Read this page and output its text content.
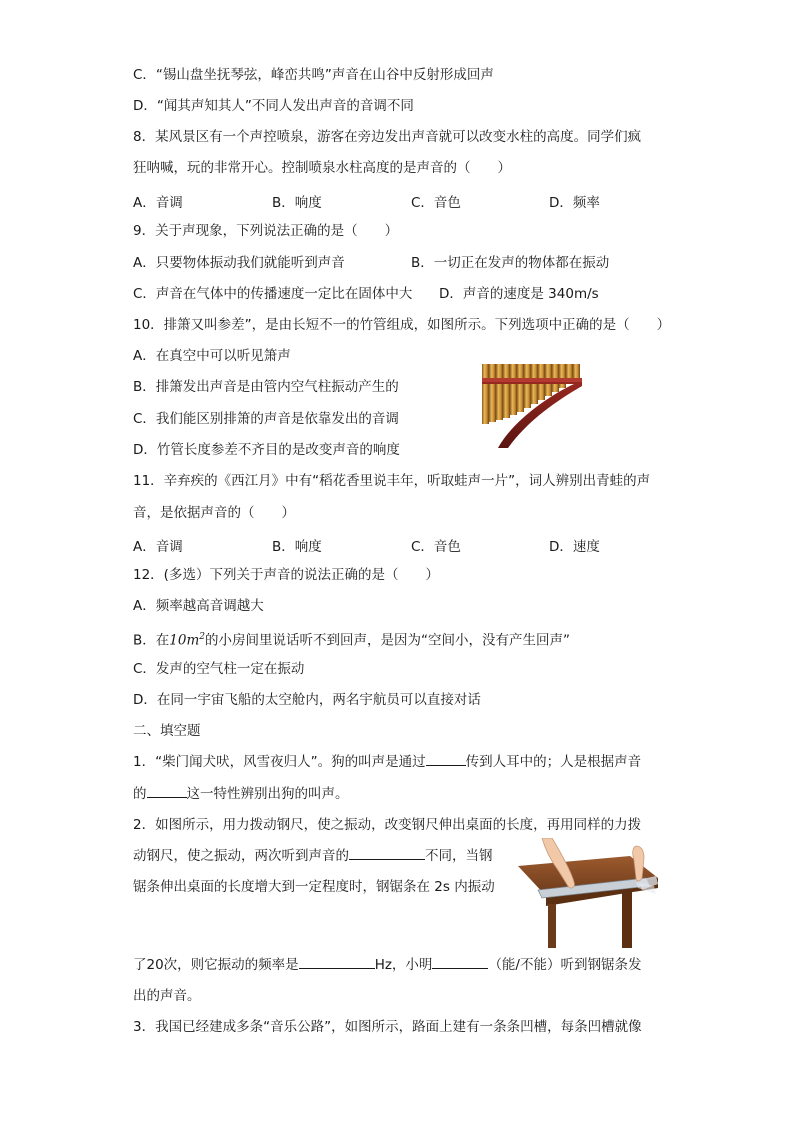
C．“锡山盘坐抚琴弦，峰峦共鸣”声音在山谷中反射形成回声
D．“闻其声知其人”不同人发出声音的音调不同
8．某风景区有一个声控喷泉，游客在旁边发出声音就可以改变水柱的高度。同学们疯
狂呐喊，玩的非常开心。控制喷泉水柱高度的是声音的（　　）
A．音调	B．响度	C．音色	D．频率
9．关于声现象，下列说法正确的是（　　）
A．只要物体振动我们就能听到声音	B．一切正在发声的物体都在振动
C．声音在气体中的传播速度一定比在固体中大 D．声音的速度是 340m/s
10．排箫又叫参差”，是由长短不一的竹管组成，如图所示。下列选项中正确的是（　　）
A．在真空中可以听见箫声
B．排箫发出声音是由管内空气柱振动产生的
C．我们能区别排箫的声音是依靠发出的音调
D．竹管长度参差不齐目的是改变声音的响度
11．辛弃疾的《西江月》中有“稻花香里说丰年，听取蛙声一片”，词人辨别出青蛙的声
音，是依据声音的（　　）
A．音调	B．响度	C．音色	D．速度
12．(多选）下列关于声音的说法正确的是（　　）
A．频率越高音调越大
B．在$10m^2$的小房间里说话听不到回声，是因为“空间小，没有产生回声”
C．发声的空气柱一定在振动
D．在同一宇宙飞船的太空舱内，两名宇航员可以直接对话
二、填空题
1．“柴门闻犬吠，风雪夜归人”。狗的叫声是通过	传到人耳中的；人是根据声音
的	这一特性辨别出狗的叫声。
2．如图所示，用力拨动钢尺，使之振动，改变钢尺伸出桌面的长度，再用同样的力拨
动钢尺，使之振动，两次听到声音的	不同，当钢
锯条伸出桌面的长度增大到一定程度时，钢锯条在 2s 内振动
了20次，则它振动的频率是	Hz，小明	（能/不能）听到钢锯条发
出的声音。
3．我国已经建成多条“音乐公路”，如图所示，路面上建有一条条凹槽，每条凹槽就像
